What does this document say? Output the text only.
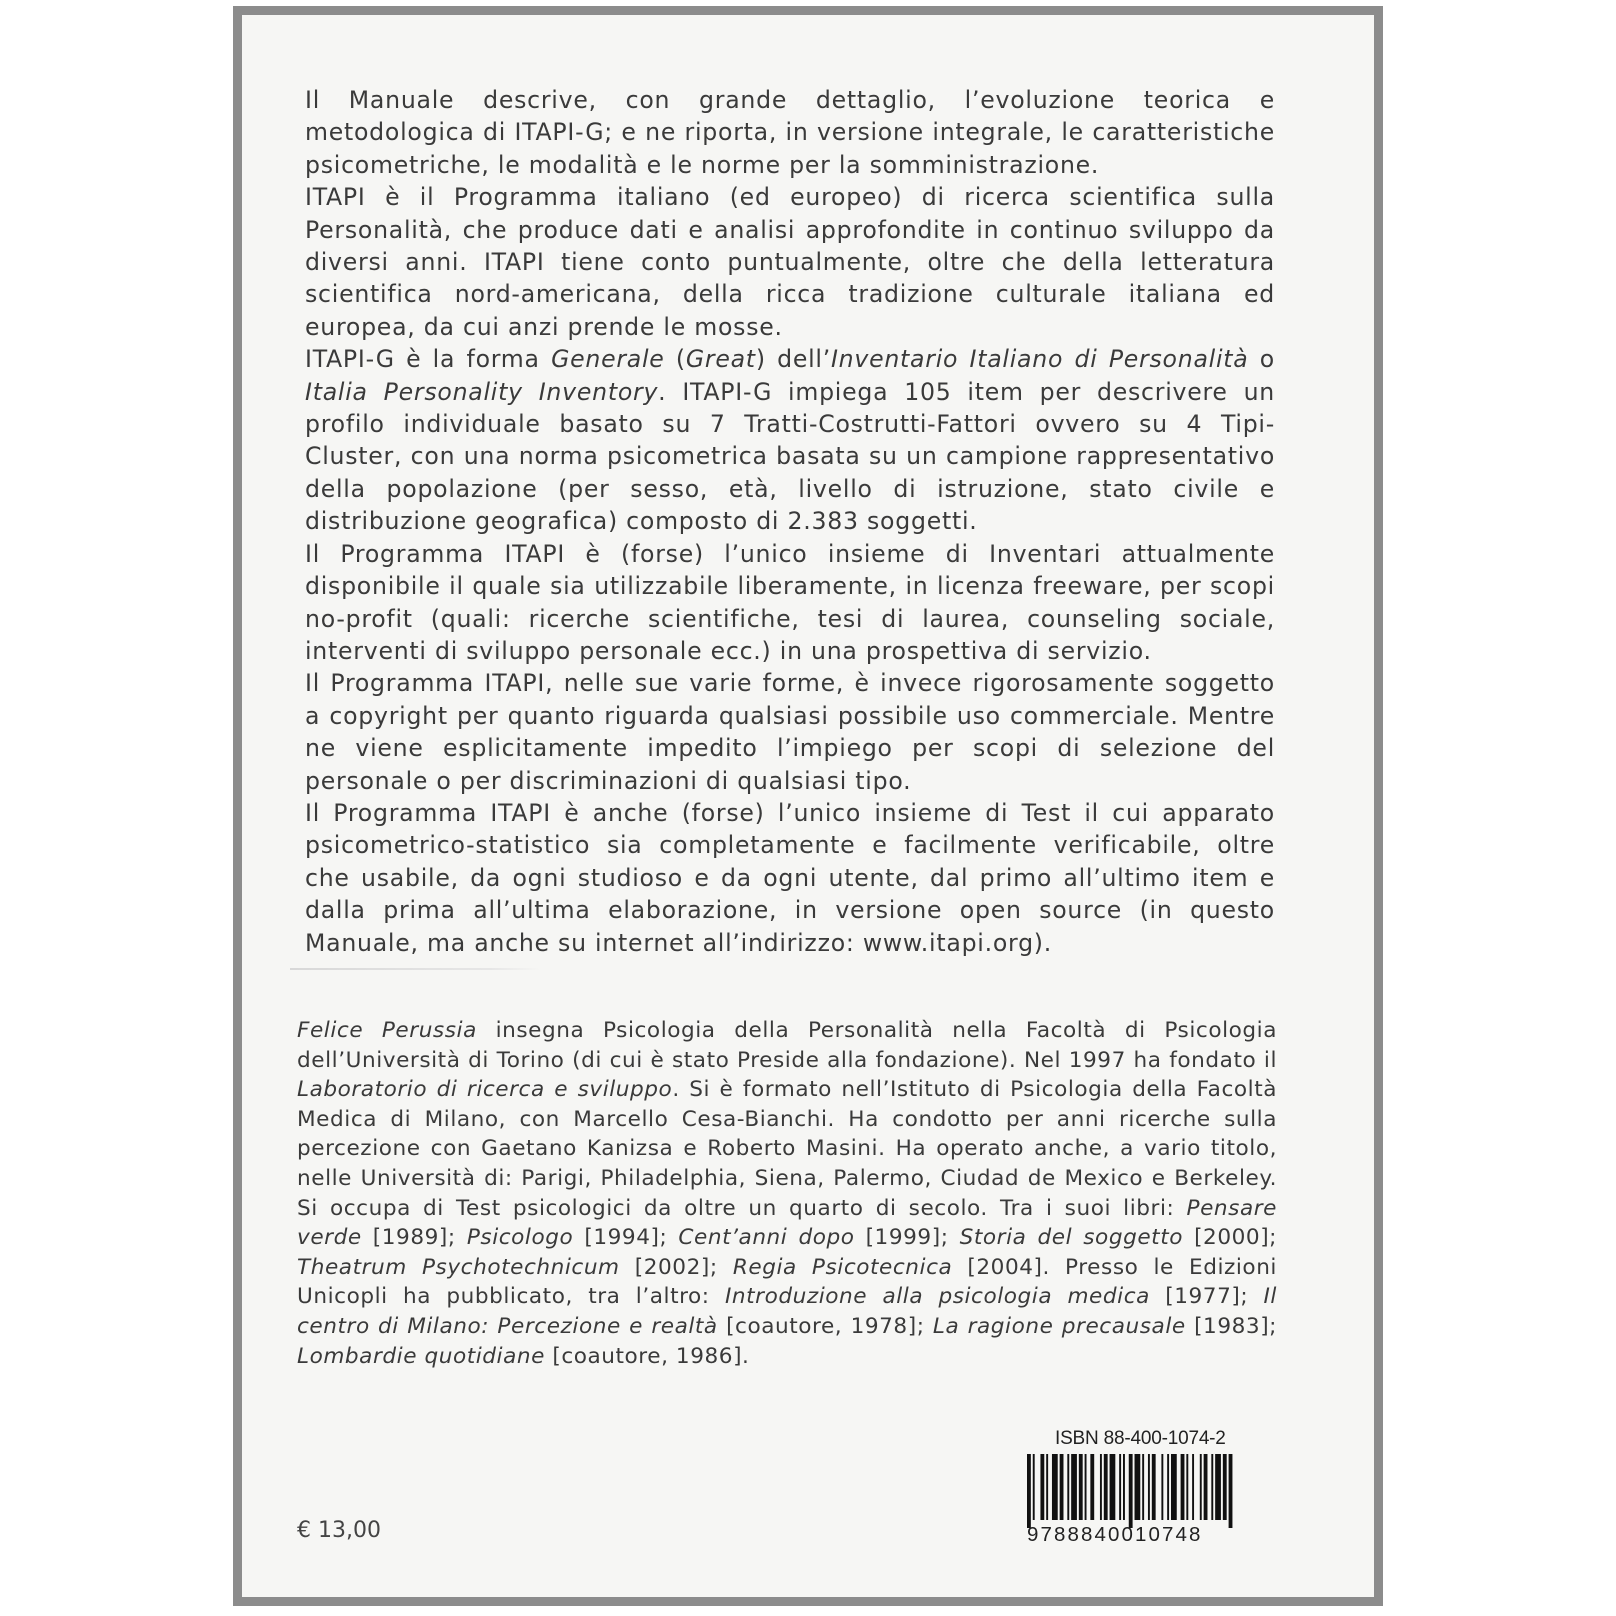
Il Manuale descrive, con grande dettaglio, l’evoluzione teorica e metodologica di ITAPI-G; e ne riporta, in versione integrale, le caratteristiche psicometriche, le modalità e le norme per la somministrazione.

ITAPI è il Programma italiano (ed europeo) di ricerca scientifica sulla Personalità, che produce dati e analisi approfondite in continuo sviluppo da diversi anni. ITAPI tiene conto puntualmente, oltre che della letteratura scientifica nord-americana, della ricca tradizione culturale italiana ed europea, da cui anzi prende le mosse.

ITAPI-G è la forma Generale (Great) dell’Inventario Italiano di Personalità o Italia Personality Inventory. ITAPI-G impiega 105 item per descrivere un profilo individuale basato su 7 Tratti-Costrutti-Fattori ovvero su 4 Tipi-Cluster, con una norma psicometrica basata su un campione rappresentativo della popolazione (per sesso, età, livello di istruzione, stato civile e distribuzione geografica) composto di 2.383 soggetti.

Il Programma ITAPI è (forse) l’unico insieme di Inventari attualmente disponibile il quale sia utilizzabile liberamente, in licenza freeware, per scopi no-profit (quali: ricerche scientifiche, tesi di laurea, counseling sociale, interventi di sviluppo personale ecc.) in una prospettiva di servizio.

Il Programma ITAPI, nelle sue varie forme, è invece rigorosamente soggetto a copyright per quanto riguarda qualsiasi possibile uso commerciale. Mentre ne viene esplicitamente impedito l’impiego per scopi di selezione del personale o per discriminazioni di qualsiasi tipo.

Il Programma ITAPI è anche (forse) l’unico insieme di Test il cui apparato psicometrico-statistico sia completamente e facilmente verificabile, oltre che usabile, da ogni studioso e da ogni utente, dal primo all’ultimo item e dalla prima all’ultima elaborazione, in versione open source (in questo Manuale, ma anche su internet all’indirizzo: www.itapi.org).

Felice Perussia insegna Psicologia della Personalità nella Facoltà di Psicologia dell’Università di Torino (di cui è stato Preside alla fondazione). Nel 1997 ha fondato il Laboratorio di ricerca e sviluppo. Si è formato nell’Istituto di Psicologia della Facoltà Medica di Milano, con Marcello Cesa-Bianchi. Ha condotto per anni ricerche sulla percezione con Gaetano Kanizsa e Roberto Masini. Ha operato anche, a vario titolo, nelle Università di: Parigi, Philadelphia, Siena, Palermo, Ciudad de Mexico e Berkeley. Si occupa di Test psicologici da oltre un quarto di secolo. Tra i suoi libri: Pensare verde [1989]; Psicologo [1994]; Cent’anni dopo [1999]; Storia del soggetto [2000]; Theatrum Psychotechnicum [2002]; Regia Psicotecnica [2004]. Presso le Edizioni Unicopli ha pubblicato, tra l’altro: Introduzione alla psicologia medica [1977]; Il centro di Milano: Percezione e realtà [coautore, 1978]; La ragione precausale [1983]; Lombardie quotidiane [coautore, 1986].

€ 13,00
ISBN 88-400-1074-2
9788840010748
